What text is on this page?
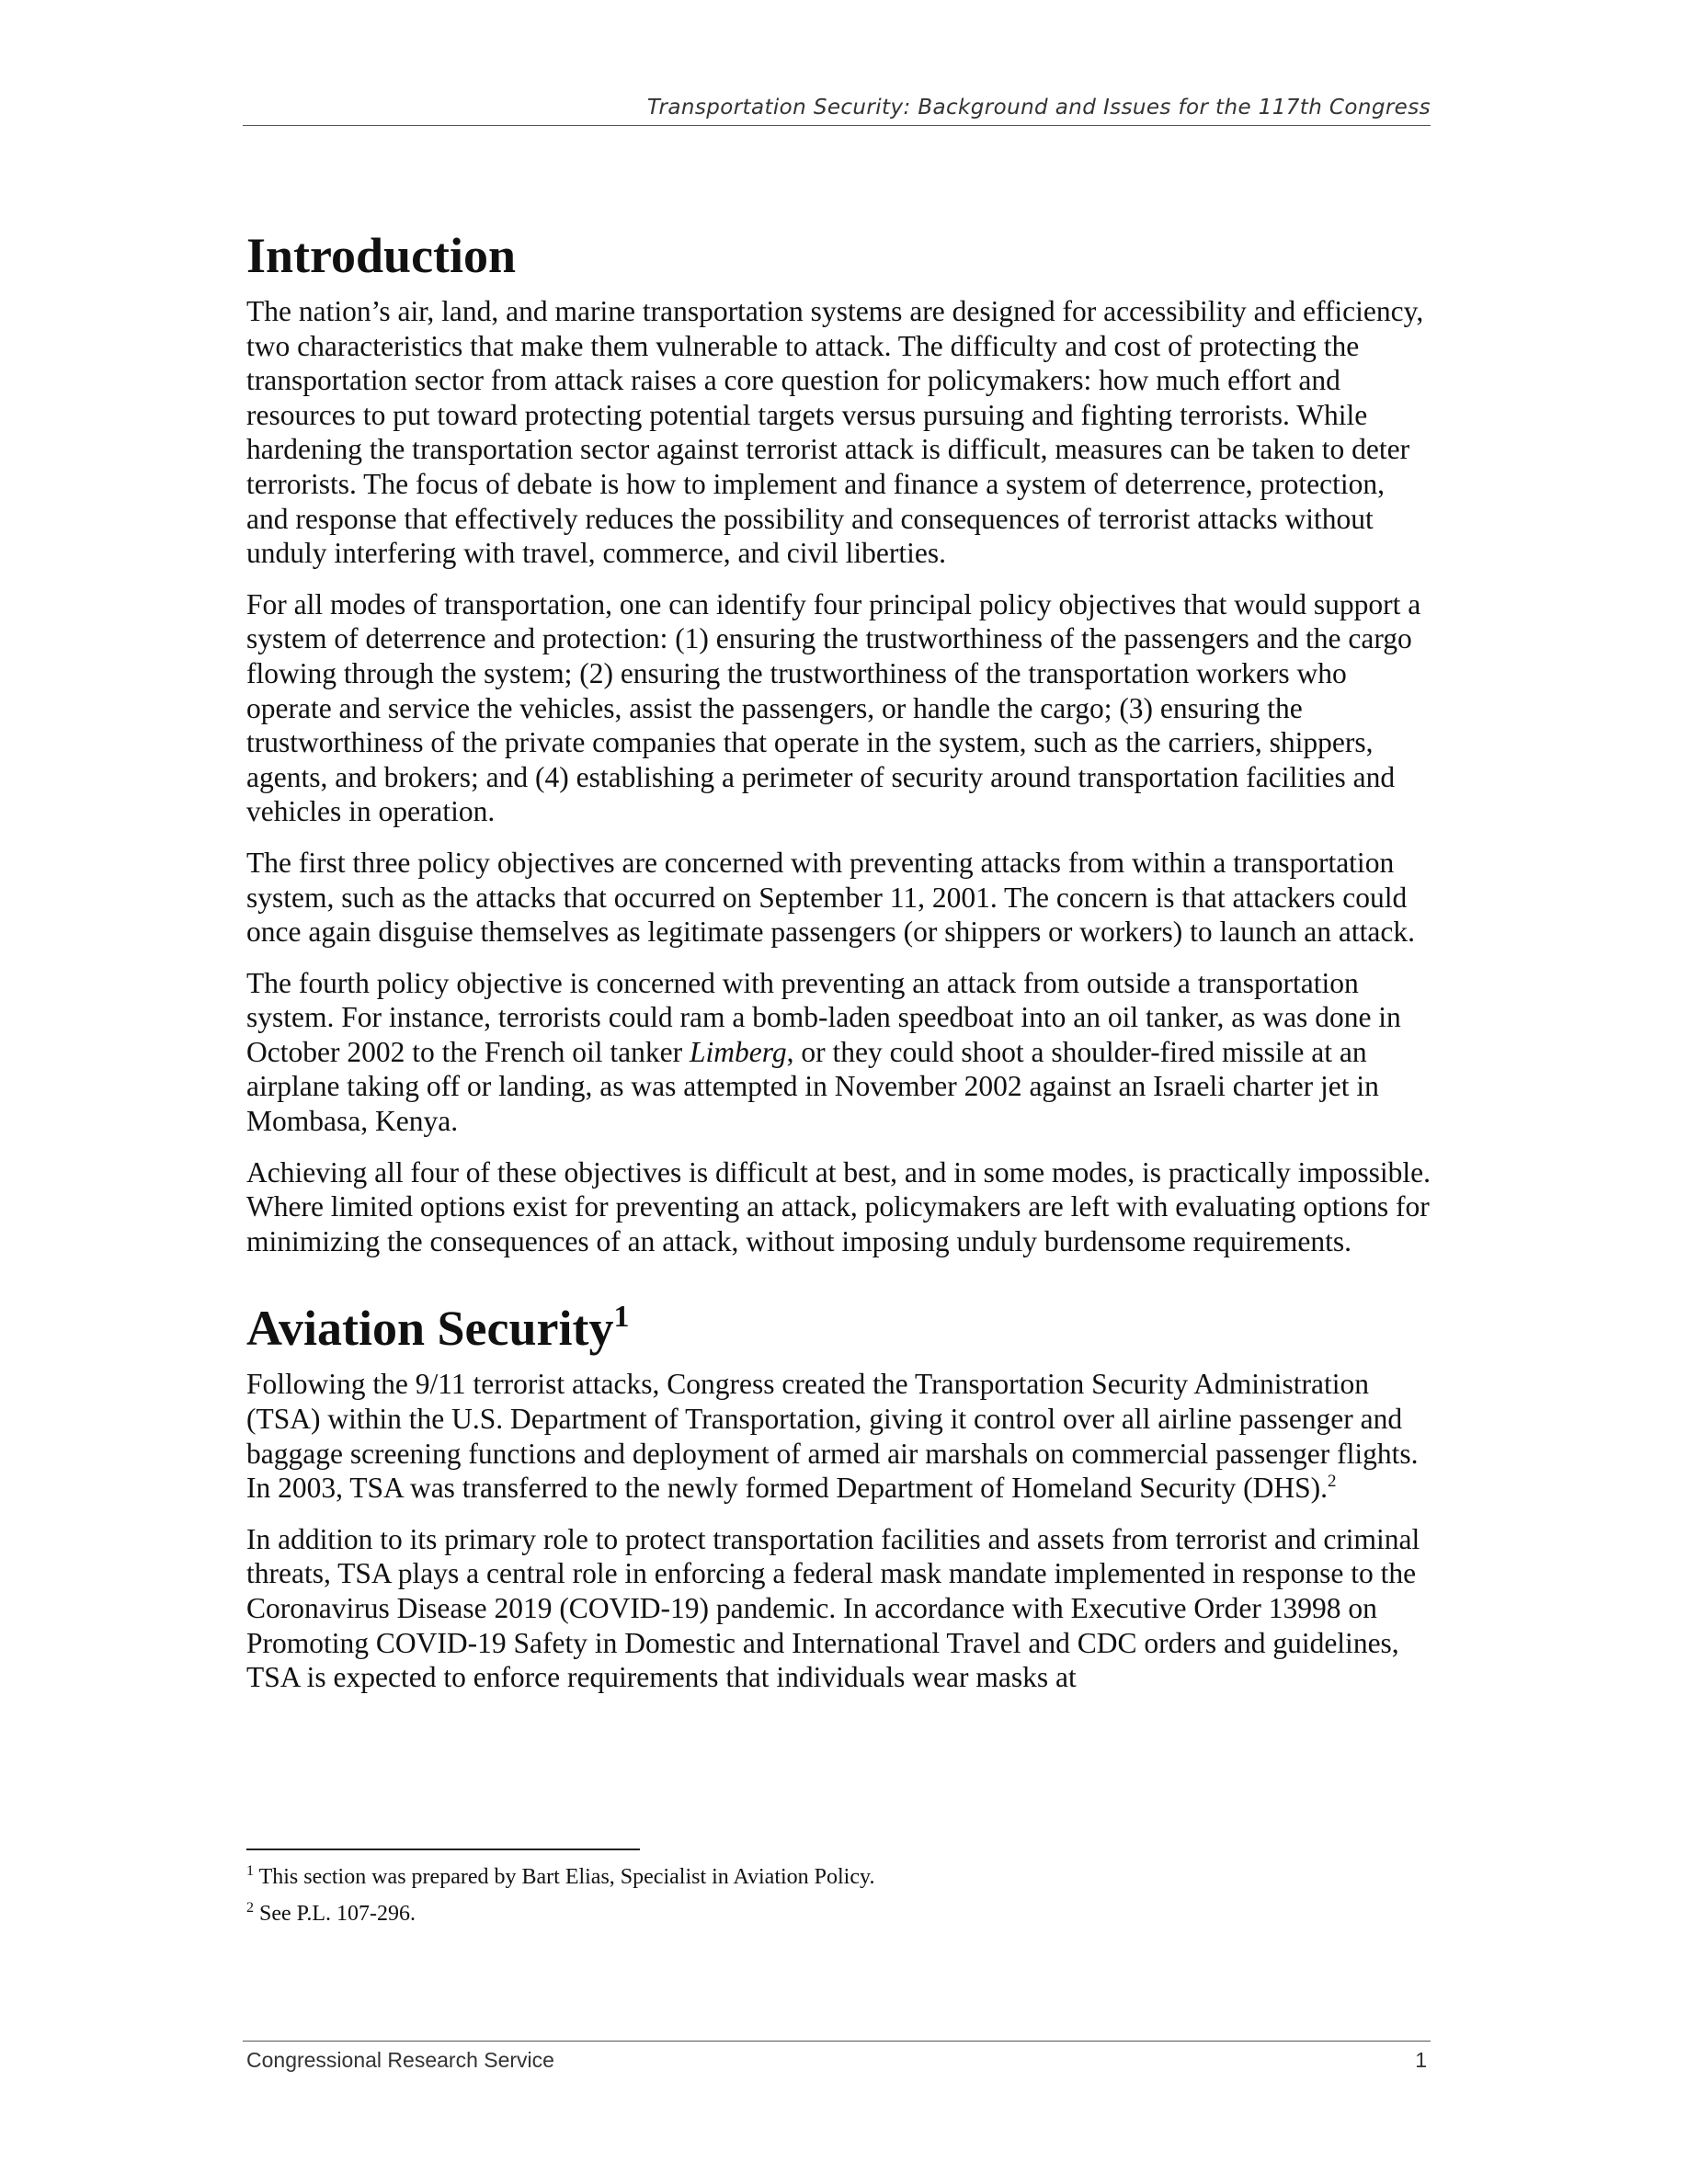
Transportation Security: Background and Issues for the 117th Congress
Introduction

The nation’s air, land, and marine transportation systems are designed for accessibility and efficiency, two characteristics that make them vulnerable to attack. The difficulty and cost of protecting the transportation sector from attack raises a core question for policymakers: how much effort and resources to put toward protecting potential targets versus pursuing and fighting terrorists. While hardening the transportation sector against terrorist attack is difficult, measures can be taken to deter terrorists. The focus of debate is how to implement and finance a system of deterrence, protection, and response that effectively reduces the possibility and consequences of terrorist attacks without unduly interfering with travel, commerce, and civil liberties.

For all modes of transportation, one can identify four principal policy objectives that would support a system of deterrence and protection: (1) ensuring the trustworthiness of the passengers and the cargo flowing through the system; (2) ensuring the trustworthiness of the transportation workers who operate and service the vehicles, assist the passengers, or handle the cargo; (3) ensuring the trustworthiness of the private companies that operate in the system, such as the carriers, shippers, agents, and brokers; and (4) establishing a perimeter of security around transportation facilities and vehicles in operation.

The first three policy objectives are concerned with preventing attacks from within a transportation system, such as the attacks that occurred on September 11, 2001. The concern is that attackers could once again disguise themselves as legitimate passengers (or shippers or workers) to launch an attack.

The fourth policy objective is concerned with preventing an attack from outside a transportation system. For instance, terrorists could ram a bomb-laden speedboat into an oil tanker, as was done in October 2002 to the French oil tanker Limberg, or they could shoot a shoulder-fired missile at an airplane taking off or landing, as was attempted in November 2002 against an Israeli charter jet in Mombasa, Kenya.

Achieving all four of these objectives is difficult at best, and in some modes, is practically impossible. Where limited options exist for preventing an attack, policymakers are left with evaluating options for minimizing the consequences of an attack, without imposing unduly burdensome requirements.

Aviation Security$^1$

Following the 9/11 terrorist attacks, Congress created the Transportation Security Administration (TSA) within the U.S. Department of Transportation, giving it control over all airline passenger and baggage screening functions and deployment of armed air marshals on commercial passenger flights. In 2003, TSA was transferred to the newly formed Department of Homeland Security (DHS).$^2$

In addition to its primary role to protect transportation facilities and assets from terrorist and criminal threats, TSA plays a central role in enforcing a federal mask mandate implemented in response to the Coronavirus Disease 2019 (COVID-19) pandemic. In accordance with Executive Order 13998 on Promoting COVID-19 Safety in Domestic and International Travel and CDC orders and guidelines, TSA is expected to enforce requirements that individuals wear masks at

$^1$ This section was prepared by Bart Elias, Specialist in Aviation Policy.

$^2$ See P.L. 107-296.

Congressional Research Service	1
